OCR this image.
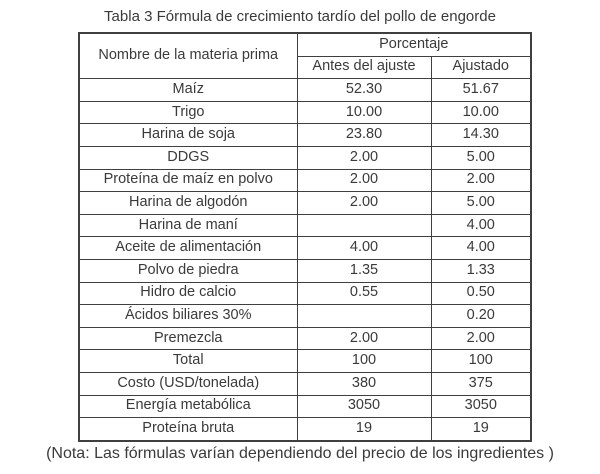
Tabla 3 Fórmula de crecimiento tardío del pollo de engorde
Nombre de la materia prima	Porcentaje	
	Antes del ajuste	Ajustado
Maíz	52.30	51.67
Trigo	10.00	10.00
Harina de soja	23.80	14.30
DDGS	2.00	5.00
Proteína de maíz en polvo	2.00	2.00
Harina de algodón	2.00	5.00
Harina de maní		4.00
Aceite de alimentación	4.00	4.00
Polvo de piedra	1.35	1.33
Hidro de calcio	0.55	0.50
Ácidos biliares 30%		0.20
Premezcla	2.00	2.00
Total	100	100
Costo (USD/tonelada)	380	375
Energía metabólica	3050	3050
Proteína bruta	19	19
(Nota: Las fórmulas varían dependiendo del precio de los ingredientes )
